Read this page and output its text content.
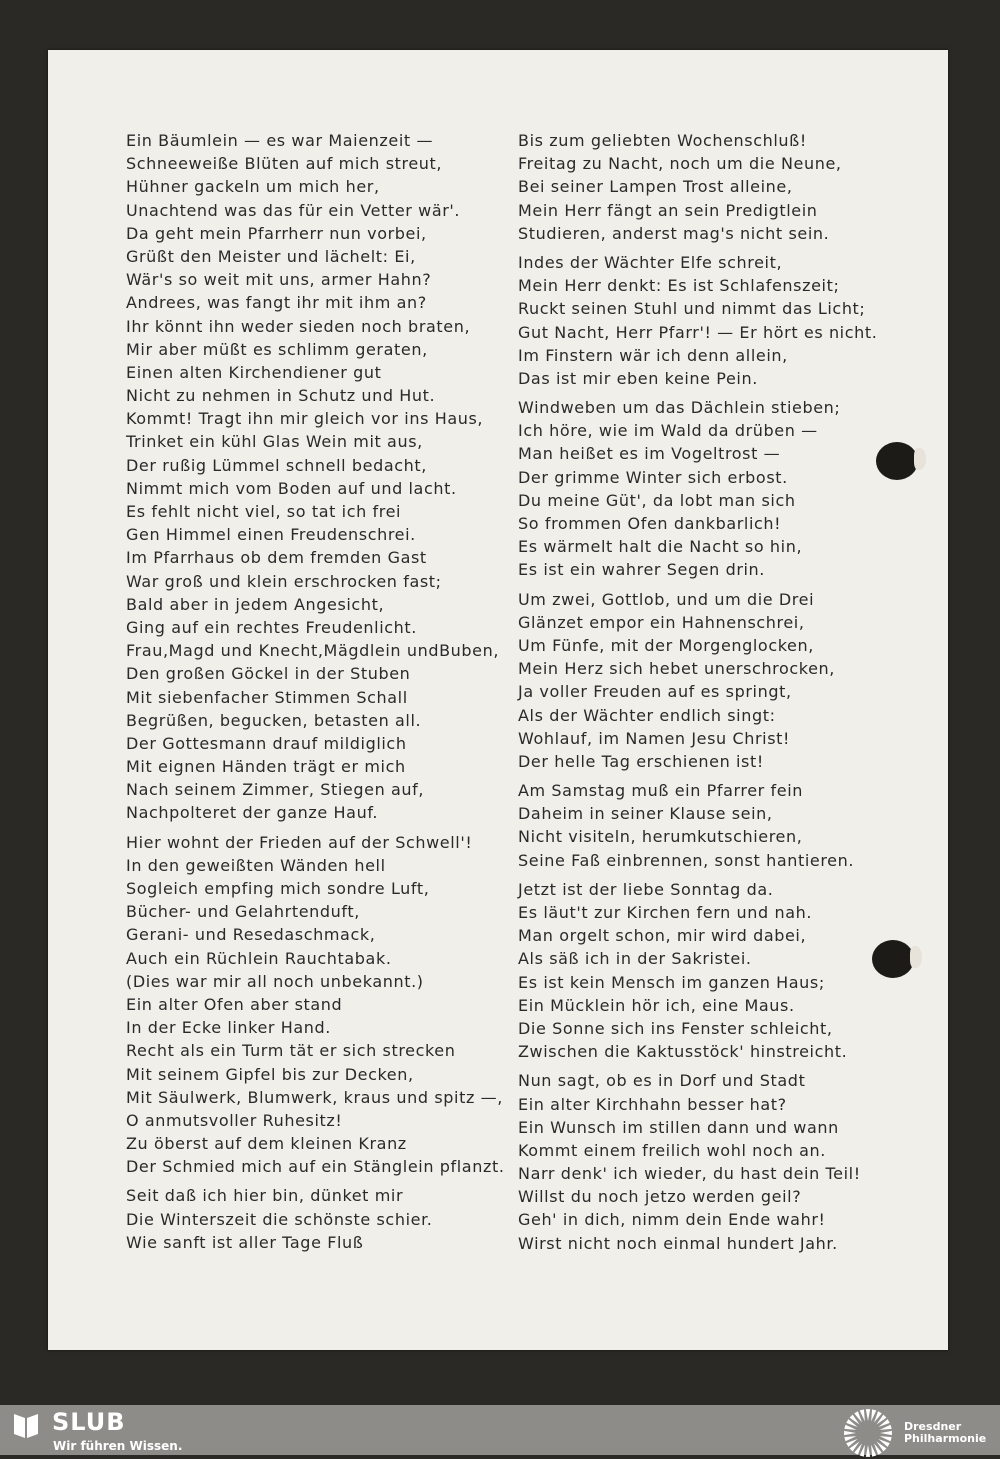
Ein Bäumlein — es war Maienzeit —
Schneeweiße Blüten auf mich streut,
Hühner gackeln um mich her,
Unachtend was das für ein Vetter wär'.
Da geht mein Pfarrherr nun vorbei,
Grüßt den Meister und lächelt: Ei,
Wär's so weit mit uns, armer Hahn?
Andrees, was fangt ihr mit ihm an?
Ihr könnt ihn weder sieden noch braten,
Mir aber müßt es schlimm geraten,
Einen alten Kirchendiener gut
Nicht zu nehmen in Schutz und Hut.
Kommt! Tragt ihn mir gleich vor ins Haus,
Trinket ein kühl Glas Wein mit aus,
Der rußig Lümmel schnell bedacht,
Nimmt mich vom Boden auf und lacht.
Es fehlt nicht viel, so tat ich frei
Gen Himmel einen Freudenschrei.
Im Pfarrhaus ob dem fremden Gast
War groß und klein erschrocken fast;
Bald aber in jedem Angesicht,
Ging auf ein rechtes Freudenlicht.
Frau,Magd und Knecht,Mägdlein undBuben,
Den großen Göckel in der Stuben
Mit siebenfacher Stimmen Schall
Begrüßen, begucken, betasten all.
Der Gottesmann drauf mildiglich
Mit eignen Händen trägt er mich
Nach seinem Zimmer, Stiegen auf,
Nachpolteret der ganze Hauf.
Hier wohnt der Frieden auf der Schwell'!
In den geweißten Wänden hell
Sogleich empfing mich sondre Luft,
Bücher- und Gelahrtenduft,
Gerani- und Resedaschmack,
Auch ein Rüchlein Rauchtabak.
(Dies war mir all noch unbekannt.)
Ein alter Ofen aber stand
In der Ecke linker Hand.
Recht als ein Turm tät er sich strecken
Mit seinem Gipfel bis zur Decken,
Mit Säulwerk, Blumwerk, kraus und spitz —,
O anmutsvoller Ruhesitz!
Zu öberst auf dem kleinen Kranz
Der Schmied mich auf ein Stänglein pflanzt.
Seit daß ich hier bin, dünket mir
Die Winterszeit die schönste schier.
Wie sanft ist aller Tage Fluß
Bis zum geliebten Wochenschluß!
Freitag zu Nacht, noch um die Neune,
Bei seiner Lampen Trost alleine,
Mein Herr fängt an sein Predigtlein
Studieren, anderst mag's nicht sein.
Indes der Wächter Elfe schreit,
Mein Herr denkt: Es ist Schlafenszeit;
Ruckt seinen Stuhl und nimmt das Licht;
Gut Nacht, Herr Pfarr'! — Er hört es nicht.
Im Finstern wär ich denn allein,
Das ist mir eben keine Pein.
Windweben um das Dächlein stieben;
Ich höre, wie im Wald da drüben —
Man heißet es im Vogeltrost —
Der grimme Winter sich erbost.
Du meine Güt', da lobt man sich
So frommen Ofen dankbarlich!
Es wärmelt halt die Nacht so hin,
Es ist ein wahrer Segen drin.
Um zwei, Gottlob, und um die Drei
Glänzet empor ein Hahnenschrei,
Um Fünfe, mit der Morgenglocken,
Mein Herz sich hebet unerschrocken,
Ja voller Freuden auf es springt,
Als der Wächter endlich singt:
Wohlauf, im Namen Jesu Christ!
Der helle Tag erschienen ist!
Am Samstag muß ein Pfarrer fein
Daheim in seiner Klause sein,
Nicht visiteln, herumkutschieren,
Seine Faß einbrennen, sonst hantieren.
Jetzt ist der liebe Sonntag da.
Es läut't zur Kirchen fern und nah.
Man orgelt schon, mir wird dabei,
Als säß ich in der Sakristei.
Es ist kein Mensch im ganzen Haus;
Ein Mücklein hör ich, eine Maus.
Die Sonne sich ins Fenster schleicht,
Zwischen die Kaktusstöck' hinstreicht.
Nun sagt, ob es in Dorf und Stadt
Ein alter Kirchhahn besser hat?
Ein Wunsch im stillen dann und wann
Kommt einem freilich wohl noch an.
Narr denk' ich wieder, du hast dein Teil!
Willst du noch jetzo werden geil?
Geh' in dich, nimm dein Ende wahr!
Wirst nicht noch einmal hundert Jahr.
SLUB
Wir führen Wissen.
Dresdner
Philharmonie
